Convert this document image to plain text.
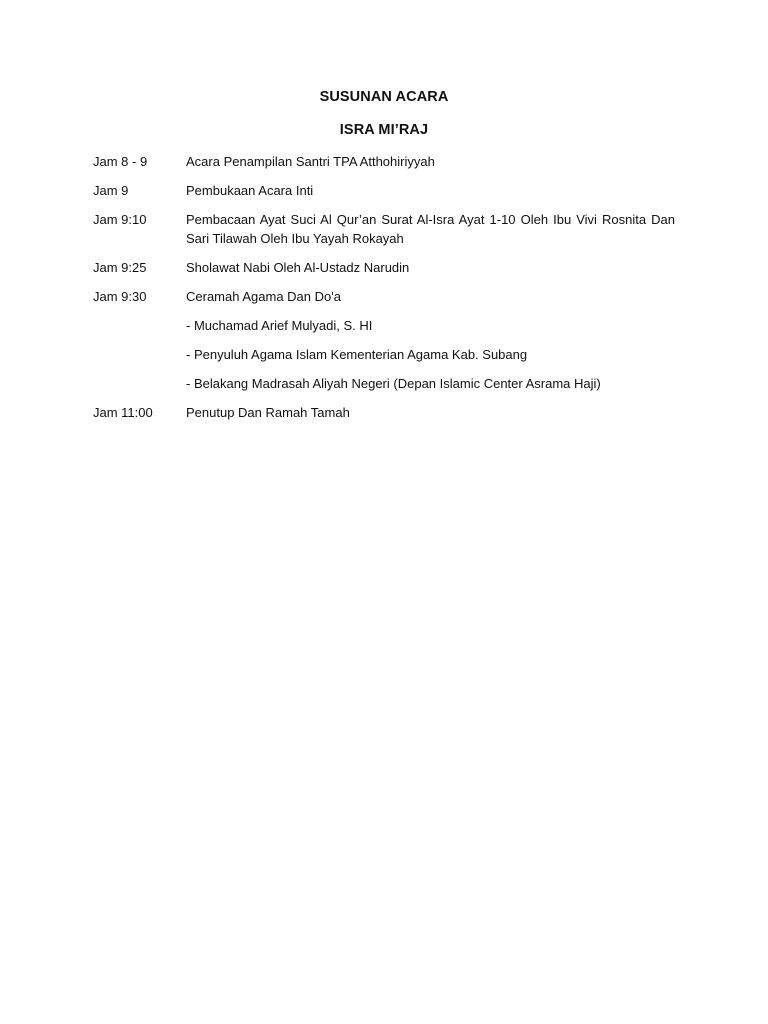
SUSUNAN ACARA
ISRA MI’RAJ
Jam 8 - 9	Acara Penampilan Santri TPA Atthohiriyyah
Jam 9	Pembukaan Acara Inti
Jam 9:10	Pembacaan Ayat Suci Al Qur’an Surat Al-Isra Ayat 1-10 Oleh Ibu Vivi Rosnita Dan Sari Tilawah Oleh Ibu Yayah Rokayah
Jam 9:25	Sholawat Nabi Oleh Al-Ustadz Narudin
Jam 9:30	Ceramah Agama Dan Do'a
- Muchamad Arief Mulyadi, S. HI
- Penyuluh Agama Islam Kementerian Agama Kab. Subang
- Belakang Madrasah Aliyah Negeri (Depan Islamic Center Asrama Haji)
Jam 11:00	Penutup Dan Ramah Tamah
